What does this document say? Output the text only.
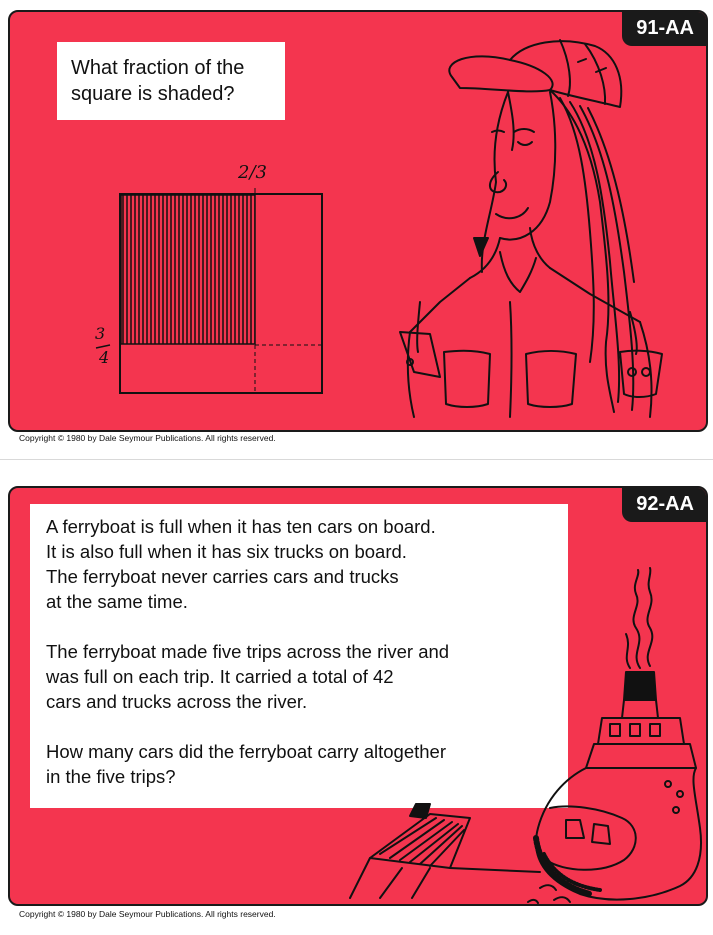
91-AA
What fraction of the
square is shaded?
2/3
3
4
Copyright © 1980 by Dale Seymour Publications. All rights reserved.
92-AA

A ferryboat is full when it has ten cars on board.
It is also full when it has six trucks on board.
The ferryboat never carries cars and trucks
at the same time.

The ferryboat made five trips across the river and
was full on each trip. It carried a total of 42
cars and trucks across the river.

How many cars did the ferryboat carry altogether
in the five trips?

Copyright © 1980 by Dale Seymour Publications. All rights reserved.
